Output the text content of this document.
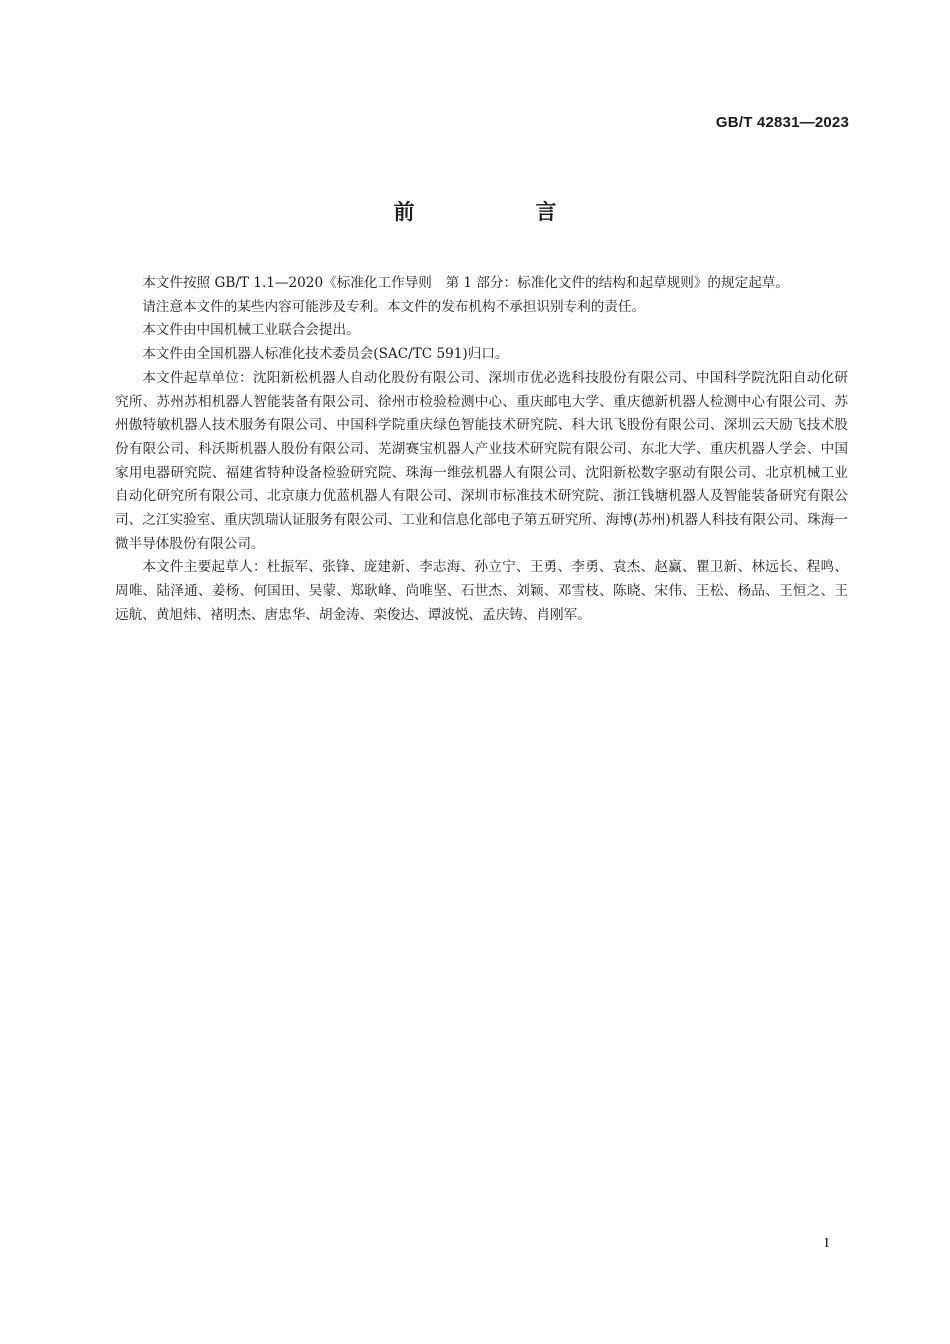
GB/T 42831—2023
前　言

本文件按照 GB/T 1.1—2020《标准化工作导则　第 1 部分：标准化文件的结构和起草规则》的规定起草。

请注意本文件的某些内容可能涉及专利。本文件的发布机构不承担识别专利的责任。

本文件由中国机械工业联合会提出。

本文件由全国机器人标准化技术委员会(SAC/TC 591)归口。

本文件起草单位：沈阳新松机器人自动化股份有限公司、深圳市优必选科技股份有限公司、中国科学院沈阳自动化研究所、苏州苏相机器人智能装备有限公司、徐州市检验检测中心、重庆邮电大学、重庆德新机器人检测中心有限公司、苏州傲特敏机器人技术服务有限公司、中国科学院重庆绿色智能技术研究院、科大讯飞股份有限公司、深圳云天励飞技术股份有限公司、科沃斯机器人股份有限公司、芜湖赛宝机器人产业技术研究院有限公司、东北大学、重庆机器人学会、中国家用电器研究院、福建省特种设备检验研究院、珠海一维弦机器人有限公司、沈阳新松数字驱动有限公司、北京机械工业自动化研究所有限公司、北京康力优蓝机器人有限公司、深圳市标准技术研究院、浙江钱塘机器人及智能装备研究有限公司、之江实验室、重庆凯瑞认证服务有限公司、工业和信息化部电子第五研究所、海博(苏州)机器人科技有限公司、珠海一微半导体股份有限公司。

本文件主要起草人：杜振军、张锋、庞建新、李志海、孙立宁、王勇、李勇、袁杰、赵赢、瞿卫新、林远长、程鸣、周唯、陆泽通、姜杨、何国田、吴蒙、郑耿峰、尚唯坚、石世杰、刘颖、邓雪枝、陈晓、宋伟、王松、杨品、王恒之、王远航、黄旭炜、褚明杰、唐忠华、胡金涛、栾俊达、谭波悦、孟庆铸、肖刚军。

I
